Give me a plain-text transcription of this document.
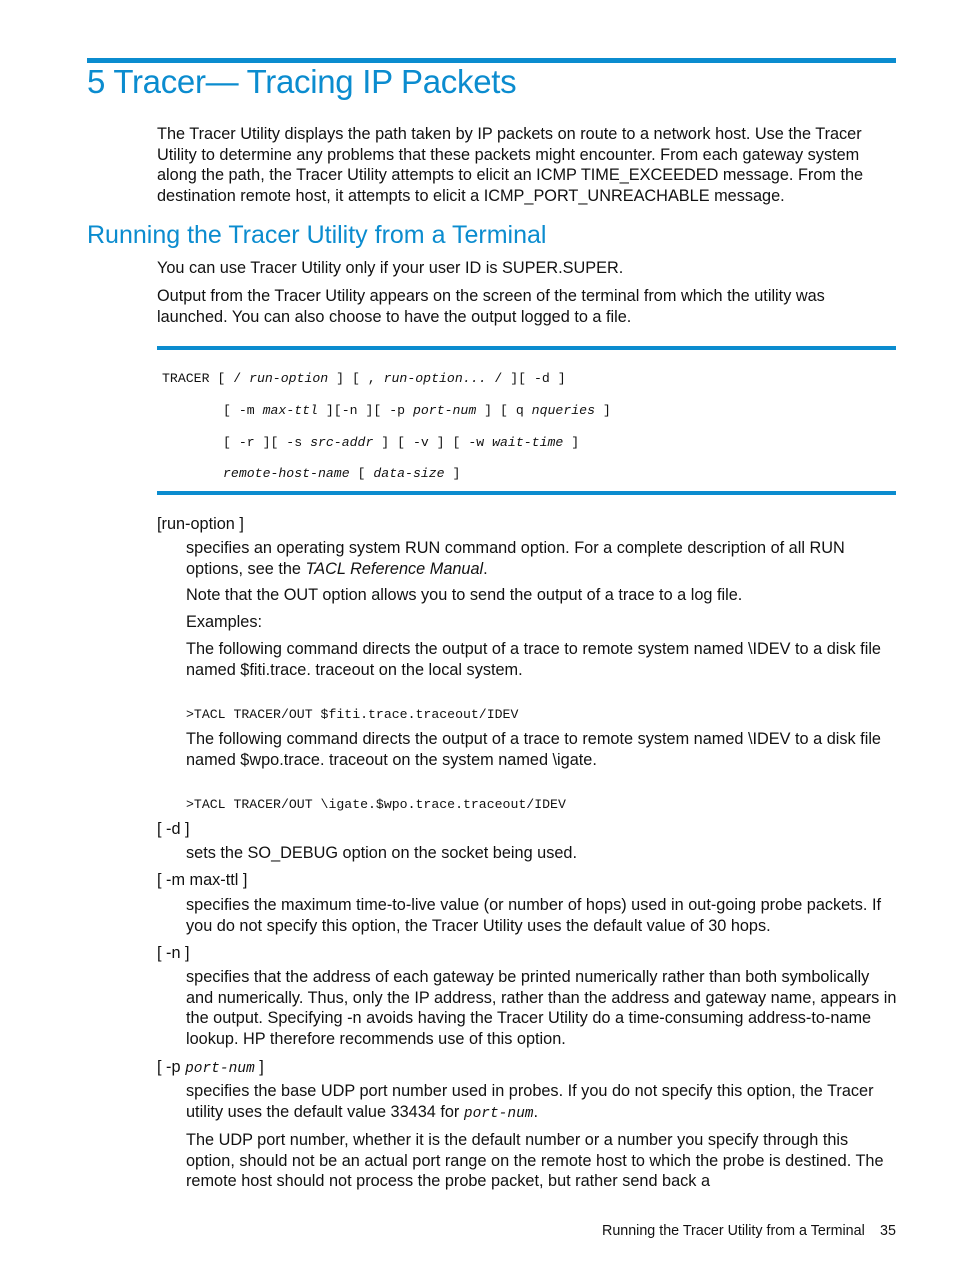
5 Tracer— Tracing IP Packets
The Tracer Utility displays the path taken by IP packets on route to a network host. Use the Tracer Utility to determine any problems that these packets might encounter. From each gateway system along the path, the Tracer Utility attempts to elicit an ICMP TIME_EXCEEDED message. From the destination remote host, it attempts to elicit a ICMP_PORT_UNREACHABLE message.
Running the Tracer Utility from a Terminal
You can use Tracer Utility only if your user ID is SUPER.SUPER.
Output from the Tracer Utility appears on the screen of the terminal from which the utility was launched. You can also choose to have the output logged to a file.
TRACER [ / run-option ] [ , run-option... / ][ -d ]
[ -m max-ttl ][-n ][ -p port-num ] [ q nqueries ]
[ -r ][ -s src-addr ] [ -v ] [ -w wait-time ]
remote-host-name [ data-size ]
[run-option ]
specifies an operating system RUN command option. For a complete description of all RUN options, see the TACL Reference Manual.
Note that the OUT option allows you to send the output of a trace to a log file.
Examples:
The following command directs the output of a trace to remote system named \IDEV to a disk file named $fiti.trace. traceout on the local system.
>TACL TRACER/OUT $fiti.trace.traceout/IDEV
The following command directs the output of a trace to remote system named \IDEV to a disk file named $wpo.trace. traceout on the system named \igate.
>TACL TRACER/OUT \igate.$wpo.trace.traceout/IDEV
[ -d ]
sets the SO_DEBUG option on the socket being used.
[ -m max-ttl ]
specifies the maximum time-to-live value (or number of hops) used in out-going probe packets. If you do not specify this option, the Tracer Utility uses the default value of 30 hops.
[ -n ]
specifies that the address of each gateway be printed numerically rather than both symbolically and numerically. Thus, only the IP address, rather than the address and gateway name, appears in the output. Specifying -n avoids having the Tracer Utility do a time-consuming address-to-name lookup. HP therefore recommends use of this option.
[ -p port-num ]
specifies the base UDP port number used in probes. If you do not specify this option, the Tracer utility uses the default value 33434 for port-num.
The UDP port number, whether it is the default number or a number you specify through this option, should not be an actual port range on the remote host to which the probe is destined. The remote host should not process the probe packet, but rather send back a
Running the Tracer Utility from a Terminal 35
